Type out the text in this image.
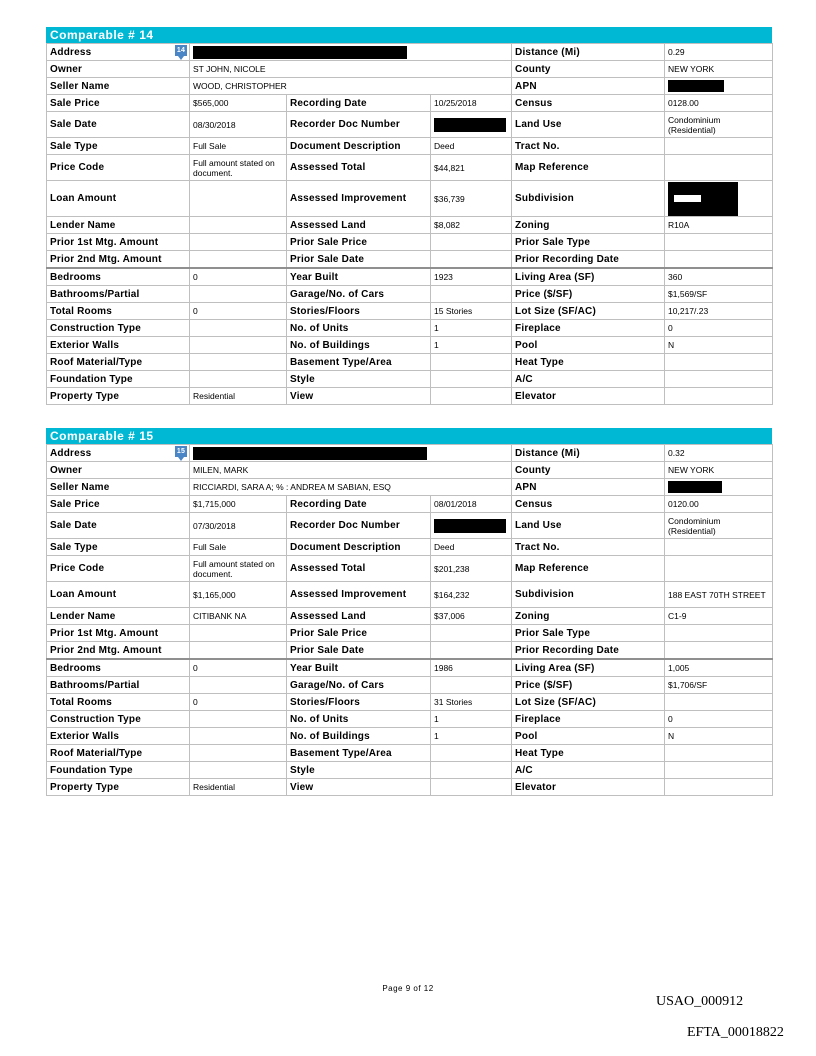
Comparable # 14
Address 14				Distance (Mi)	0.29
Owner	ST JOHN, NICOLE			County	NEW YORK
Seller Name	WOOD, CHRISTOPHER			APN	
Sale Price	$565,000	Recording Date	10/25/2018	Census	0128.00
Sale Date	08/30/2018	Recorder Doc Number		Land Use	Condominium (Residential)
Sale Type	Full Sale	Document Description	Deed	Tract No.	
Price Code	Full amount stated on document.	Assessed Total	$44,821	Map Reference	
Loan Amount		Assessed Improvement	$36,739	Subdivision	

Lender Name		Assessed Land	$8,082	Zoning	R10A
Prior 1st Mtg. Amount		Prior Sale Price		Prior Sale Type	
Prior 2nd Mtg. Amount		Prior Sale Date		Prior Recording Date	
Bedrooms	0	Year Built	1923	Living Area (SF)	360
Bathrooms/Partial		Garage/No. of Cars		Price ($/SF)	$1,569/SF
Total Rooms	0	Stories/Floors	15 Stories	Lot Size (SF/AC)	10,217/.23
Construction Type		No. of Units	1	Fireplace	0
Exterior Walls		No. of Buildings	1	Pool	N
Roof Material/Type		Basement Type/Area		Heat Type	
Foundation Type		Style		A/C	
Property Type	Residential	View		Elevator	
Comparable # 15
Address 15				Distance (Mi)	0.32
Owner	MILEN, MARK			County	NEW YORK
Seller Name	RICCIARDI, SARA A; % : ANDREA M SABIAN, ESQ			APN	
Sale Price	$1,715,000	Recording Date	08/01/2018	Census	0120.00
Sale Date	07/30/2018	Recorder Doc Number		Land Use	Condominium (Residential)
Sale Type	Full Sale	Document Description	Deed	Tract No.	
Price Code	Full amount stated on document.	Assessed Total	$201,238	Map Reference	
Loan Amount	$1,165,000	Assessed Improvement	$164,232	Subdivision	188 EAST 70TH STREET
Lender Name	CITIBANK NA	Assessed Land	$37,006	Zoning	C1-9
Prior 1st Mtg. Amount		Prior Sale Price		Prior Sale Type	
Prior 2nd Mtg. Amount		Prior Sale Date		Prior Recording Date	
Bedrooms	0	Year Built	1986	Living Area (SF)	1,005
Bathrooms/Partial		Garage/No. of Cars		Price ($/SF)	$1,706/SF
Total Rooms	0	Stories/Floors	31 Stories	Lot Size (SF/AC)	
Construction Type		No. of Units	1	Fireplace	0
Exterior Walls		No. of Buildings	1	Pool	N
Roof Material/Type		Basement Type/Area		Heat Type	
Foundation Type		Style		A/C	
Property Type	Residential	View		Elevator	
Page 9 of 12
USAO_000912
EFTA_00018822
